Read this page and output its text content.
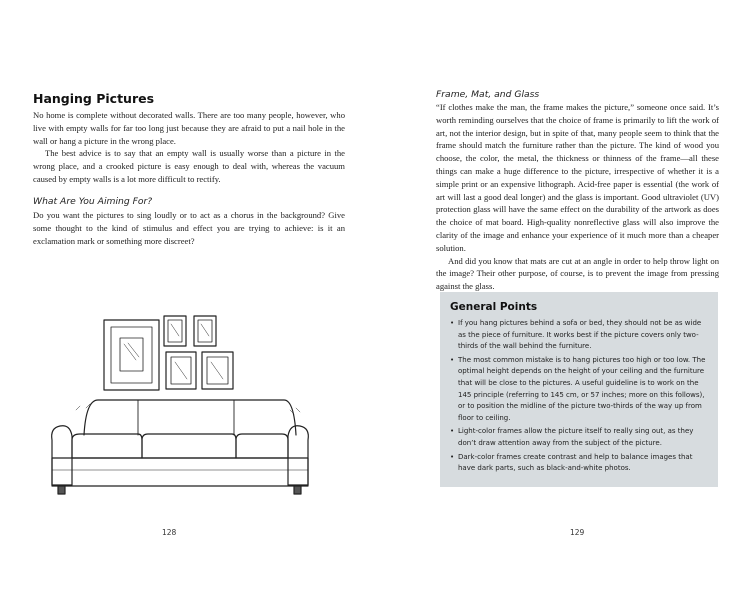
Hanging Pictures

No home is complete without decorated walls. There are too many people, however, who live with empty walls for far too long just because they are afraid to put a nail hole in the wall or hang a picture in the wrong place.

The best advice is to say that an empty wall is usually worse than a picture in the wrong place, and a crooked picture is easy enough to deal with, whereas the vacuum caused by empty walls is a lot more difficult to rectify.

What Are You Aiming For?

Do you want the pictures to sing loudly or to act as a chorus in the background? Give some thought to the kind of stimulus and effect you are trying to achieve: is it an exclamation mark or something more discreet?

128

Frame, Mat, and Glass

“If clothes make the man, the frame makes the picture,” someone once said. It’s worth reminding ourselves that the choice of frame is primarily to lift the work of art, not the interior design, but in spite of that, many people seem to think that the frame should match the furniture rather than the picture. The kind of wood you choose, the color, the metal, the thickness or thinness of the frame—all these things can make a huge difference to the picture, irrespective of whether it is a simple print or an expensive lithograph. Acid-free paper is essential (the work of art will last a good deal longer) and the glass is important. Good ultraviolet (UV) protection glass will have the same effect on the durability of the artwork as does the choice of mat board. High-quality nonreflective glass will also improve the clarity of the image and enhance your experience of it much more than a cheaper solution.

And did you know that mats are cut at an angle in order to help throw light on the image? Their other purpose, of course, is to prevent the image from pressing against the glass.

General Points
• If you hang pictures behind a sofa or bed, they should not be as wide as the piece of furniture. It works best if the picture covers only two-thirds of the wall behind the furniture.
• The most common mistake is to hang pictures too high or too low. The optimal height depends on the height of your ceiling and the furniture that will be close to the pictures. A useful guideline is to work on the 145 principle (referring to 145 cm, or 57 inches; more on this follows), or to position the midline of the picture two-thirds of the way up from floor to ceiling.
• Light-color frames allow the picture itself to really sing out, as they don’t draw attention away from the subject of the picture.
• Dark-color frames create contrast and help to balance images that have dark parts, such as black-and-white photos.
129
